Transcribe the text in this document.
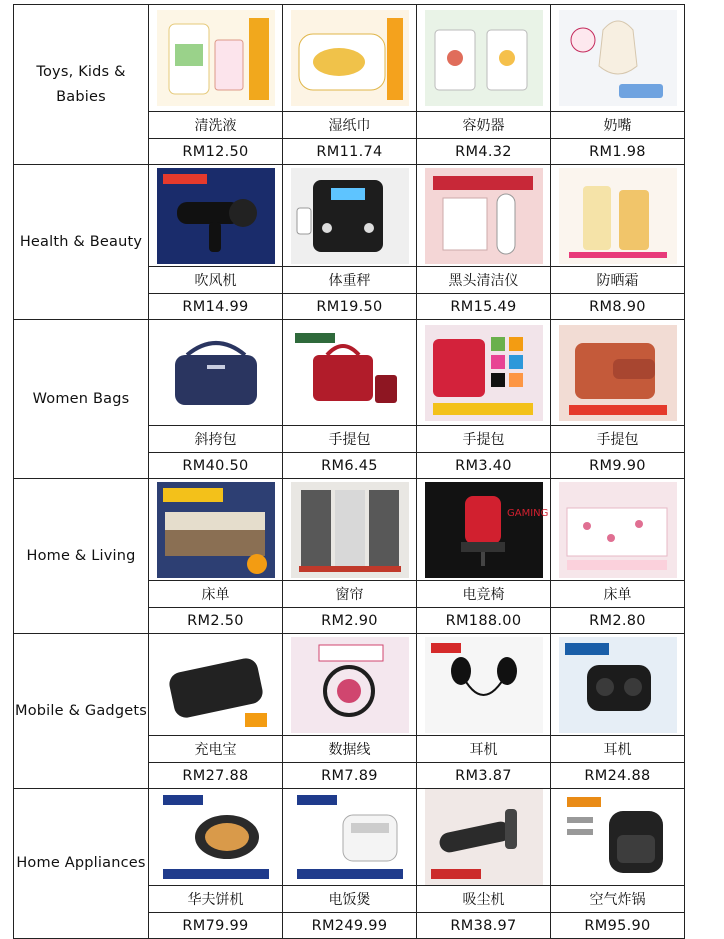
Toys, Kids & Babies	

	清洗液	湿纸巾	容奶器	奶嘴
	RM12.50	RM11.74	RM4.32	RM1.98
Health & Beauty	

	吹风机	体重秤	黑头清洁仪	防晒霜
	RM14.99	RM19.50	RM15.49	RM8.90
Women Bags	

	斜挎包	手提包	手提包	手提包
	RM40.50	RM6.45	RM3.40	RM9.90
Home & Living			GAMING

	床单	窗帘	电竞椅	床单
	RM2.50	RM2.90	RM188.00	RM2.80
Mobile & Gadgets	

	充电宝	数据线	耳机	耳机
	RM27.88	RM7.89	RM3.87	RM24.88
Home Appliances	

	华夫饼机	电饭煲	吸尘机	空气炸锅
	RM79.99	RM249.99	RM38.97	RM95.90
